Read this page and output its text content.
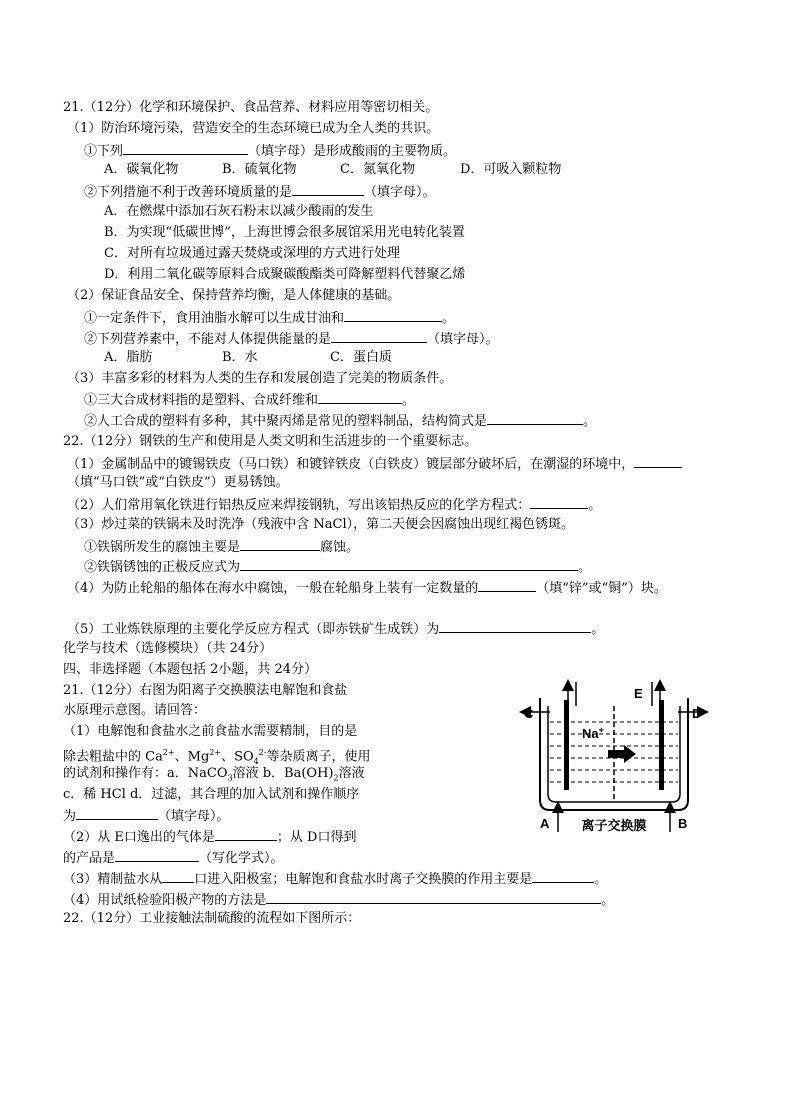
21.（12分）化学和环境保护、食品营养、材料应用等密切相关。
（1）防治环境污染，营造安全的生态环境已成为全人类的共识。
①下列	（填字母）是形成酸雨的主要物质。
A．碳氧化物	B．硫氧化物	C．氮氧化物	D．可吸入颗粒物
②下列措施不利于改善环境质量的是	（填字母）。
A．在燃煤中添加石灰石粉末以减少酸雨的发生
B．为实现“低碳世博”，上海世博会很多展馆采用光电转化装置
C．对所有垃圾通过露天焚烧或深埋的方式进行处理
D．利用二氧化碳等原料合成聚碳酸酯类可降解塑料代替聚乙烯
（2）保证食品安全、保持营养均衡，是人体健康的基础。
①一定条件下，食用油脂水解可以生成甘油和	。
②下列营养素中，不能对人体提供能量的是	（填字母）。
A．脂肪	B．水	C．蛋白质
（3）丰富多彩的材料为人类的生存和发展创造了完美的物质条件。
①三大合成材料指的是塑料、合成纤维和	。
②人工合成的塑料有多种，其中聚丙烯是常见的塑料制品，结构简式是	。
22.（12分）钢铁的生产和使用是人类文明和生活进步的一个重要标志。
（1）金属制品中的镀锡铁皮（马口铁）和镀锌铁皮（白铁皮）镀层部分破坏后，在潮湿的环境中，
（填“马口铁”或“白铁皮”）更易锈蚀。
（2）人们常用氧化铁进行铝热反应来焊接钢轨，写出该铝热反应的化学方程式：	。
（3）炒过菜的铁锅未及时洗净（残液中含 NaCl），第二天便会因腐蚀出现红褐色锈斑。
①铁锅所发生的腐蚀主要是	腐蚀。
②铁锅锈蚀的正极反应式为	。
（4）为防止轮船的船体在海水中腐蚀，一般在轮船身上装有一定数量的	（填“锌”或“铜”）块。
（5）工业炼铁原理的主要化学反应方程式（即赤铁矿生成铁）为	。
化学与技术（选修模块）（共 24分）
四、非选择题（本题包括 2小题，共 24分）
21.（12分）右图为阳离子交换膜法电解饱和食盐
水原理示意图。请回答：
（1）电解饱和食盐水之前食盐水需要精制，目的是
除去粗盐中的 $Ca^{2+}$、$Mg^{2+}$、$SO_4^{2-}$等杂质离子，使用
的试剂和操作有：a．NaCO$_3$溶液 b．$Ba(OH)_2$溶液
c．稀 HCl d．过滤，其合理的加入试剂和操作顺序
为	（填字母）。
（2）从 E口逸出的气体是	；从 D口得到
的产品是	（写化学式）。
（3）精制盐水从 口进入阳极室；电解饱和食盐水时离子交换膜的作用主要是	。
（4）用试纸检验阳极产物的方法是	。
22.（12分）工业接触法制硫酸的流程如下图所示：
C	D
E
A	B
Na+
离子交换膜
